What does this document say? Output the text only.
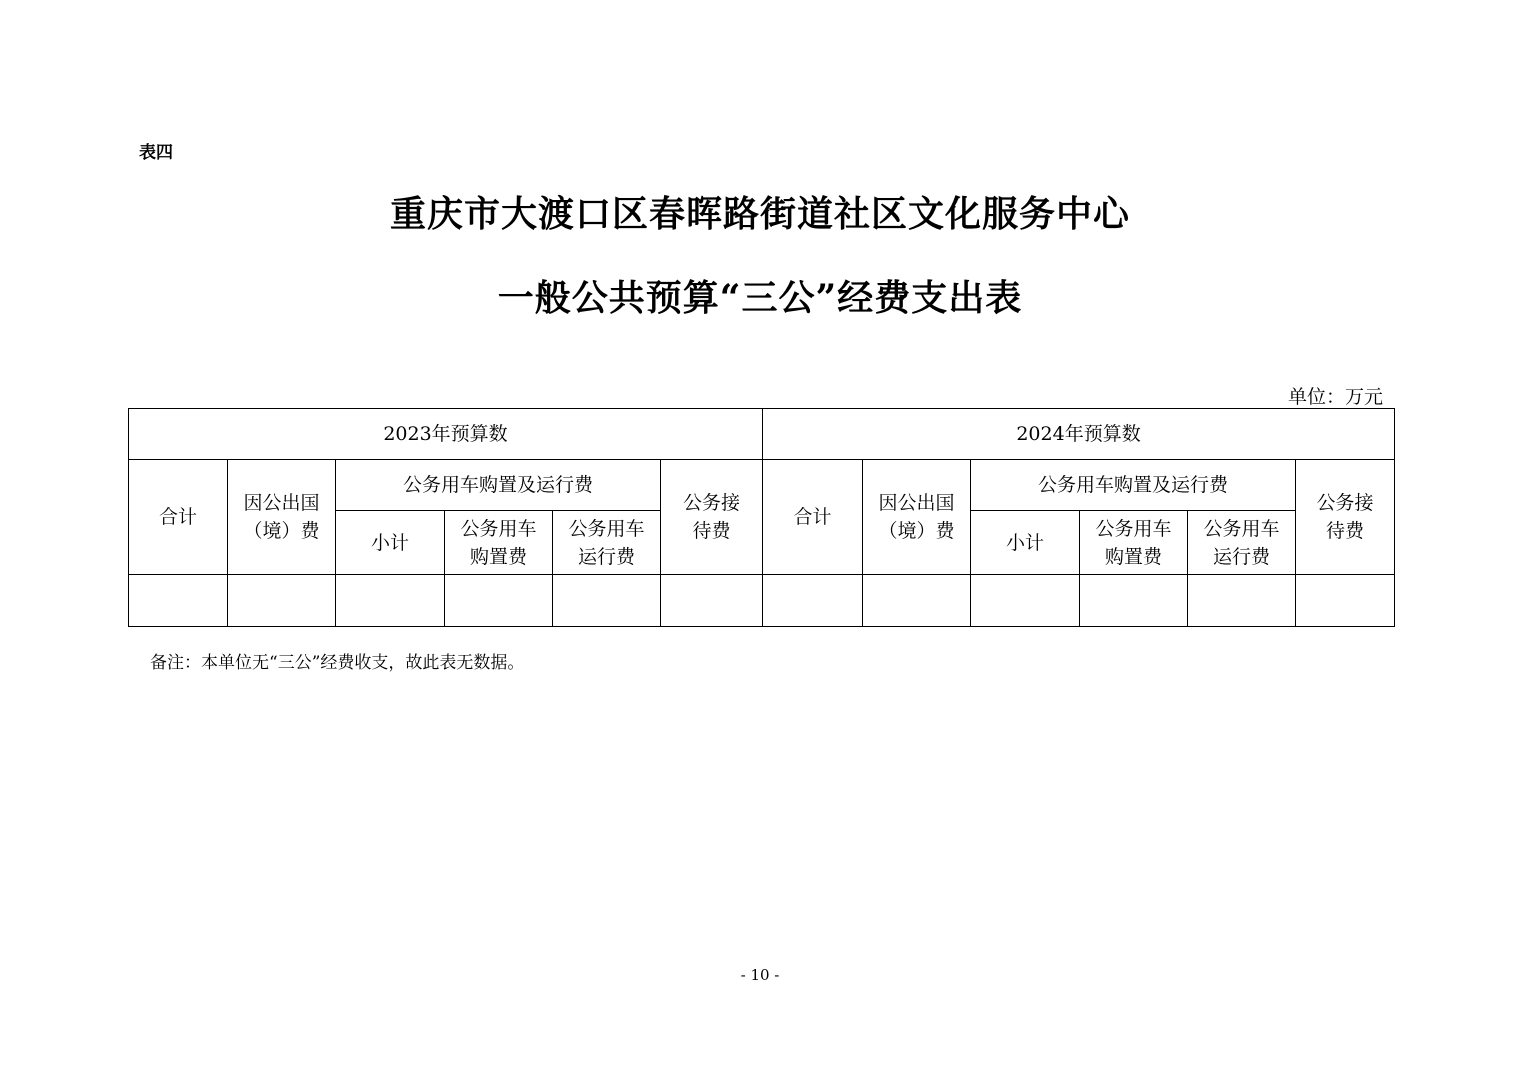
表四
重庆市大渡口区春晖路街道社区文化服务中心
一般公共预算“三公”经费支出表
单位：万元
2023年预算数						2024年预算数					
合计	因公出国（境）费	公务用车购置及运行费			公务接待费	合计	因公出国（境）费	公务用车购置及运行费			公务接待费
		小计	公务用车购置费	公务用车运行费				小计	公务用车购置费	公务用车运行费	

备注：本单位无“三公”经费收支，故此表无数据。
- 10 -
